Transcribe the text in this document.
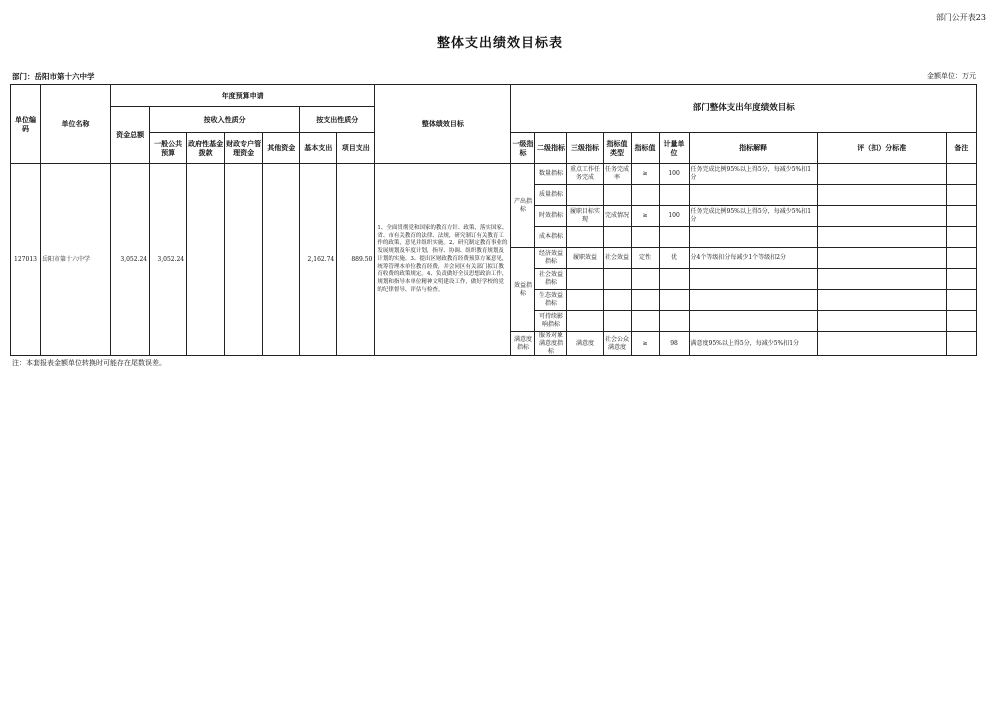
部门公开表23
整体支出绩效目标表
部门：岳阳市第十六中学	金额单位：万元
单位编码	单位名称	年度预算申请							整体绩效目标	部门整体支出年度绩效目标								
		资金总额	按收入性质分				按支出性质分											
			一般公共预算	政府性基金拨款	财政专户管理资金	其他资金	基本支出	项目支出		一级指标	二级指标	三级指标	指标值类型	指标值	计量单位	指标解释	评（扣）分标准	备注
127013	岳阳市第十六中学	3,052.24	3,052.24				2,162.74	889.50	1、全面贯彻党和国家的教育方针、政策，落实国家、省、市有关教育的法律、法规，研究制订有关教育工作的政策，意见并组织实施。2、研究制定教育事业的发展规划及年度计划，指导、协调、组织教育规划及计划的实施。3、提出区财政教育经费预算方案意见，统筹管理本单位教育经费，并会同区有关部门拟订教育收费的政策规定。4、负责做好全员思想政治工作，规划和指导本单位精神文明建设工作，做好学校的党的纪律督导、评估与检查。	产出指标	数量指标	重点工作任务完成	任务完成率	≥	100	任务完成比例95%以上得5分，每减少5%扣1分		
											质量指标							
											时效指标	履职目标实现	完成情况	≥	100	任务完成比例95%以上得5分，每减少5%扣1分		
											成本指标							
										效益指标	经济效益指标	履职效益	社会效益	定性	优	分4个等级扣分每减少1个等级扣2分		
											社会效益指标							
											生态效益指标							
											可持续影响指标							
										满意度指标	服务对象满意度指标	满意度	社会公众满意度	≥	98	满意度95%以上得5分，每减少5%扣1分		
注：本套报表金额单位转换时可能存在尾数误差。
